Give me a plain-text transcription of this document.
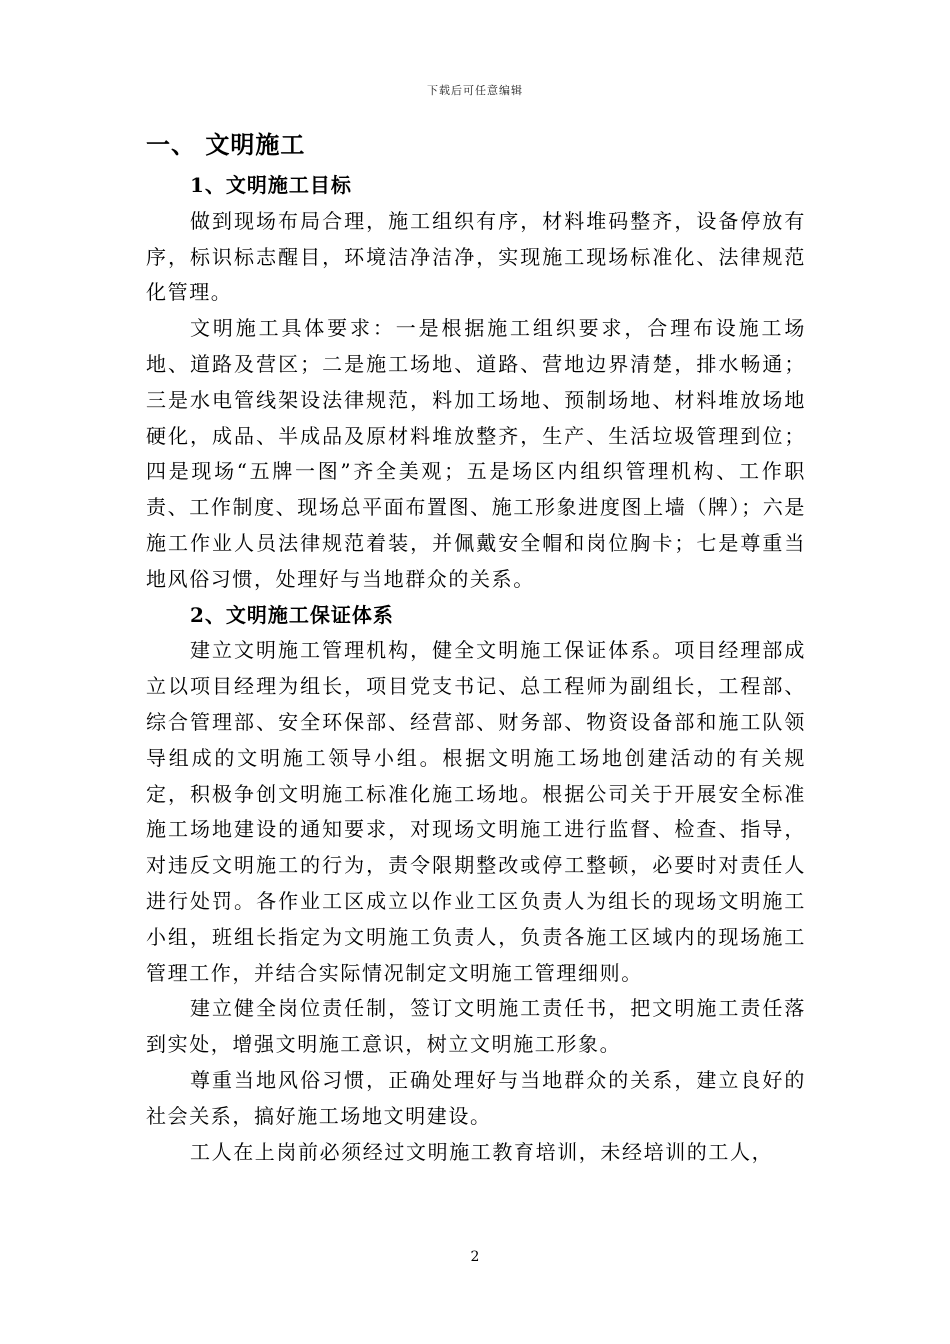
下载后可任意编辑
一、 文明施工
1、文明施工目标

做到现场布局合理，施工组织有序，材料堆码整齐，设备停放有序，标识标志醒目，环境洁净洁净，实现施工现场标准化、法律规范化管理。

文明施工具体要求：一是根据施工组织要求，合理布设施工场地、道路及营区；二是施工场地、道路、营地边界清楚，排水畅通；三是水电管线架设法律规范，料加工场地、预制场地、材料堆放场地硬化，成品、半成品及原材料堆放整齐，生产、生活垃圾管理到位；四是现场“五牌一图”齐全美观；五是场区内组织管理机构、工作职责、工作制度、现场总平面布置图、施工形象进度图上墙（牌）；六是施工作业人员法律规范着装，并佩戴安全帽和岗位胸卡；七是尊重当地风俗习惯，处理好与当地群众的关系。

2、文明施工保证体系

建立文明施工管理机构，健全文明施工保证体系。项目经理部成立以项目经理为组长，项目党支书记、总工程师为副组长，工程部、综合管理部、安全环保部、经营部、财务部、物资设备部和施工队领导组成的文明施工领导小组。根据文明施工场地创建活动的有关规定，积极争创文明施工标准化施工场地。根据公司关于开展安全标准施工场地建设的通知要求，对现场文明施工进行监督、检查、指导，对违反文明施工的行为，责令限期整改或停工整顿，必要时对责任人进行处罚。各作业工区成立以作业工区负责人为组长的现场文明施工小组，班组长指定为文明施工负责人，负责各施工区域内的现场施工管理工作，并结合实际情况制定文明施工管理细则。

建立健全岗位责任制，签订文明施工责任书，把文明施工责任落到实处，增强文明施工意识，树立文明施工形象。

尊重当地风俗习惯，正确处理好与当地群众的关系，建立良好的社会关系，搞好施工场地文明建设。

工人在上岗前必须经过文明施工教育培训，未经培训的工人，

2
